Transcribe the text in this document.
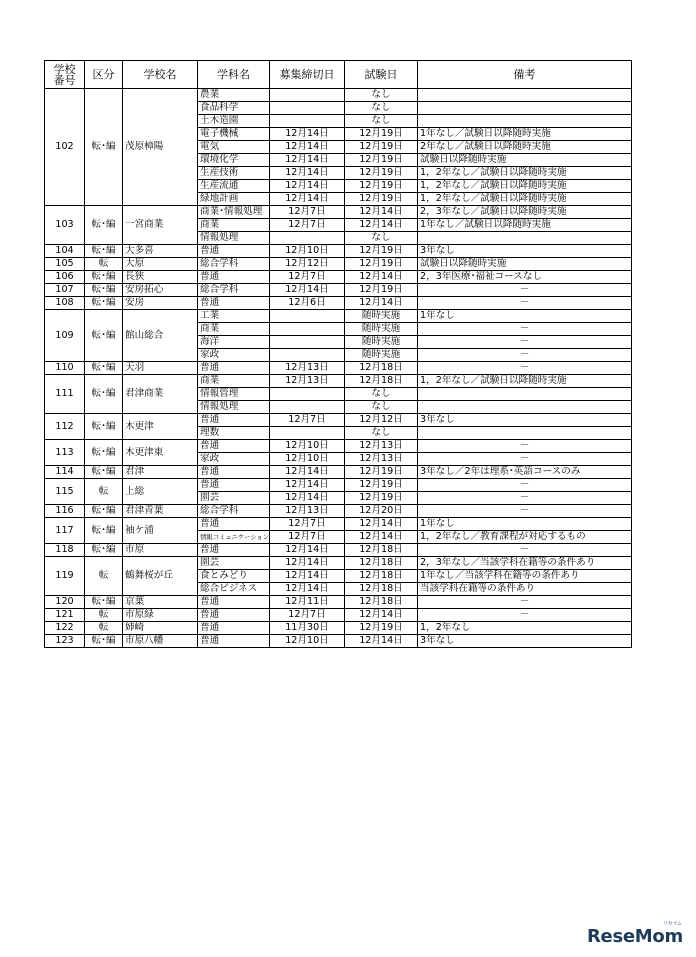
学校
番号	区分	学校名	学科名	募集締切日	試験日	備考
102	転･編	茂原樟陽	農業		なし	
			食品科学		なし	
			土木造園		なし	
			電子機械	12月14日	12月19日	1年なし／試験日以降随時実施
			電気	12月14日	12月19日	2年なし／試験日以降随時実施
			環境化学	12月14日	12月19日	試験日以降随時実施
			生産技術	12月14日	12月19日	1，2年なし／試験日以降随時実施
			生産流通	12月14日	12月19日	1，2年なし／試験日以降随時実施
			緑地計画	12月14日	12月19日	1，2年なし／試験日以降随時実施
103	転･編	一宮商業	商業･情報処理	12月7日	12月14日	2，3年なし／試験日以降随時実施
			商業	12月7日	12月14日	1年なし／試験日以降随時実施
			情報処理		なし	
104	転･編	大多喜	普通	12月10日	12月19日	3年なし
105	転	大原	総合学科	12月12日	12月19日	試験日以降随時実施
106	転･編	長狭	普通	12月7日	12月14日	2，3年医療･福祉コースなし
107	転･編	安房拓心	総合学科	12月14日	12月19日	－
108	転･編	安房	普通	12月6日	12月14日	－
109	転･編	館山総合	工業		随時実施	1年なし
			商業		随時実施	－
			海洋		随時実施	－
			家政		随時実施	－
110	転･編	天羽	普通	12月13日	12月18日	－
111	転･編	君津商業	商業	12月13日	12月18日	1，2年なし／試験日以降随時実施
			情報管理		なし	
			情報処理		なし	
112	転･編	木更津	普通	12月7日	12月12日	3年なし
			理数		なし	
113	転･編	木更津東	普通	12月10日	12月13日	－
			家政	12月10日	12月13日	－
114	転･編	君津	普通	12月14日	12月19日	3年なし／2年は理系･英語コースのみ
115	転	上総	普通	12月14日	12月19日	－
			園芸	12月14日	12月19日	－
116	転･編	君津青葉	総合学科	12月13日	12月20日	－
117	転･編	袖ケ浦	普通	12月7日	12月14日	1年なし
			情報コミュニケーション	12月7日	12月14日	1，2年なし／教育課程が対応するもの
118	転･編	市原	普通	12月14日	12月18日	－
119	転	鶴舞桜が丘	園芸	12月14日	12月18日	2，3年なし／当該学科在籍等の条件あり
			食とみどり	12月14日	12月18日	1年なし／当該学科在籍等の条件あり
			総合ビジネス	12月14日	12月18日	当該学科在籍等の条件あり
120	転･編	京葉	普通	12月11日	12月18日	－
121	転	市原緑	普通	12月7日	12月14日	－
122	転	姉崎	普通	11月30日	12月19日	1，2年なし
123	転･編	市原八幡	普通	12月10日	12月14日	3年なし
ReseMom
リセマム
